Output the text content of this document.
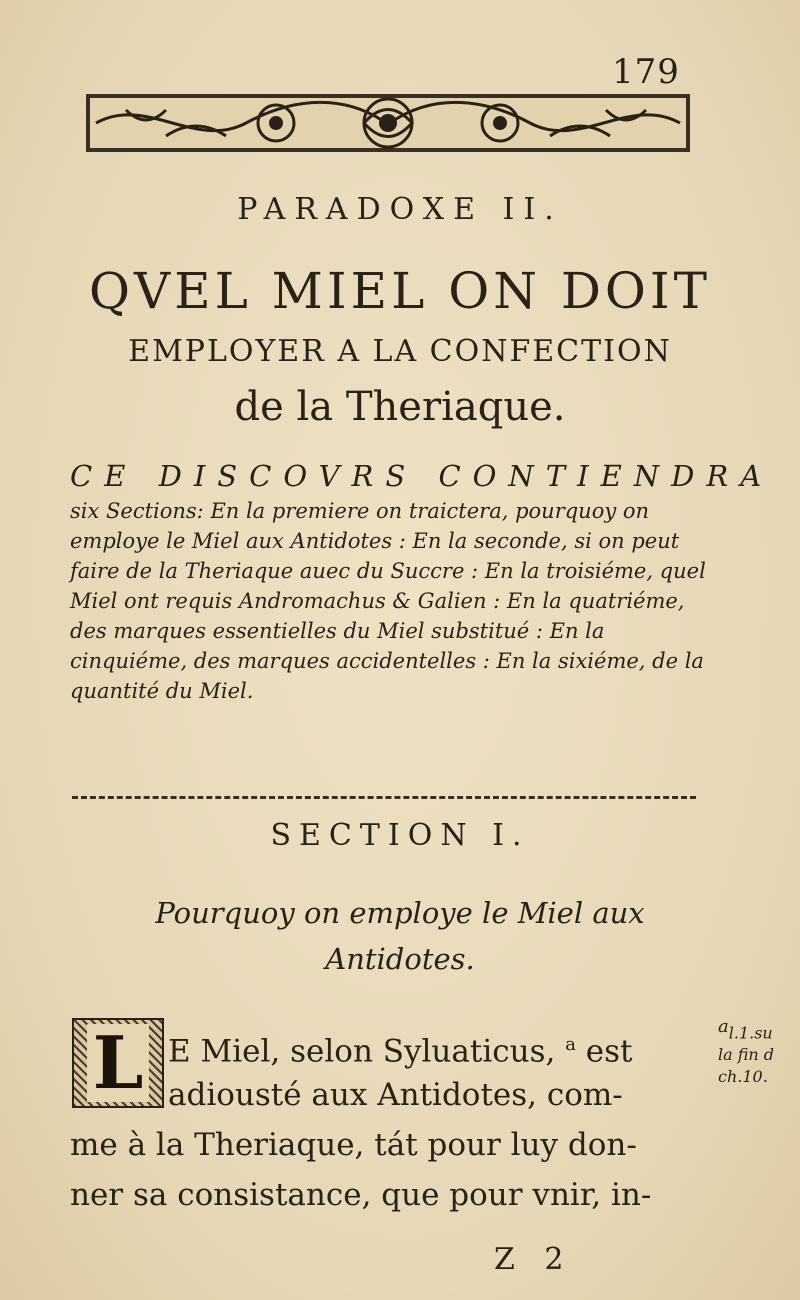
179
PARADOXE II.
QVEL MIEL ON DOIT
EMPLOYER A LA CONFECTION
de la Theriaque.
CE DISCOVRS CONTIENDRA
six Sections: En la premiere on traictera, pourquoy on employe le Miel aux Antidotes : En la seconde, si on peut faire de la Theriaque auec du Succre : En la troisiéme, quel Miel ont requis Andromachus & Galien : En la quatriéme, des marques essentielles du Miel substitué : En la cinquiéme, des marques accidentelles : En la sixiéme, de la quantité du Miel.
SECTION I.
Pourquoy on employe le Miel aux
Antidotes.
L E Miel, selon Syluaticus, $^a$ est
adiousté aux Antidotes, com-
me à la Theriaque, tát pour luy don-
ner sa consistance, que pour vnir, in-
al.1.su
la fin d
ch.10.
Z 2
